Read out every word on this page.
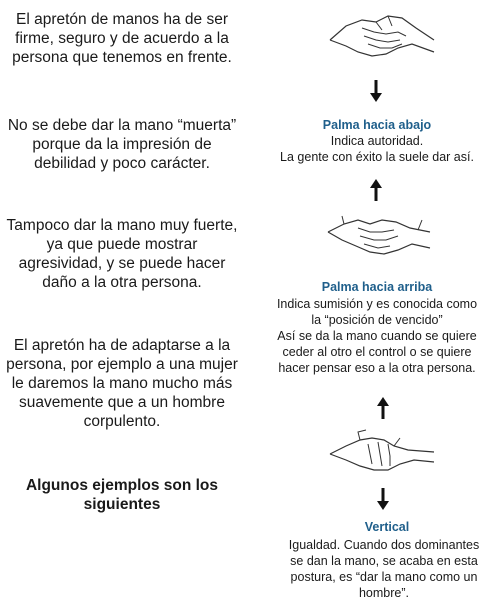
El apretón de manos ha de ser firme, seguro y de acuerdo a la persona que tenemos en frente.
No se debe dar la mano “muerta” porque da la impresión de debilidad y poco carácter.
Tampoco dar la mano muy fuerte, ya que puede mostrar agresividad, y se puede hacer daño a la otra persona.
El apretón ha de adaptarse a la persona, por ejemplo a una mujer le daremos la mano mucho más suavemente que a un hombre corpulento.
Algunos ejemplos son los siguientes
Palma hacia abajo
Indica autoridad.
La gente con éxito la suele dar así.
Palma hacia arriba
Indica sumisión y es conocida como
la “posición de vencido”
Así se da la mano cuando se quiere
ceder al otro el control o se quiere
hacer pensar eso a la otra persona.
Vertical
Igualdad. Cuando dos dominantes
se dan la mano, se acaba en esta
postura, es “dar la mano como un
hombre”.
